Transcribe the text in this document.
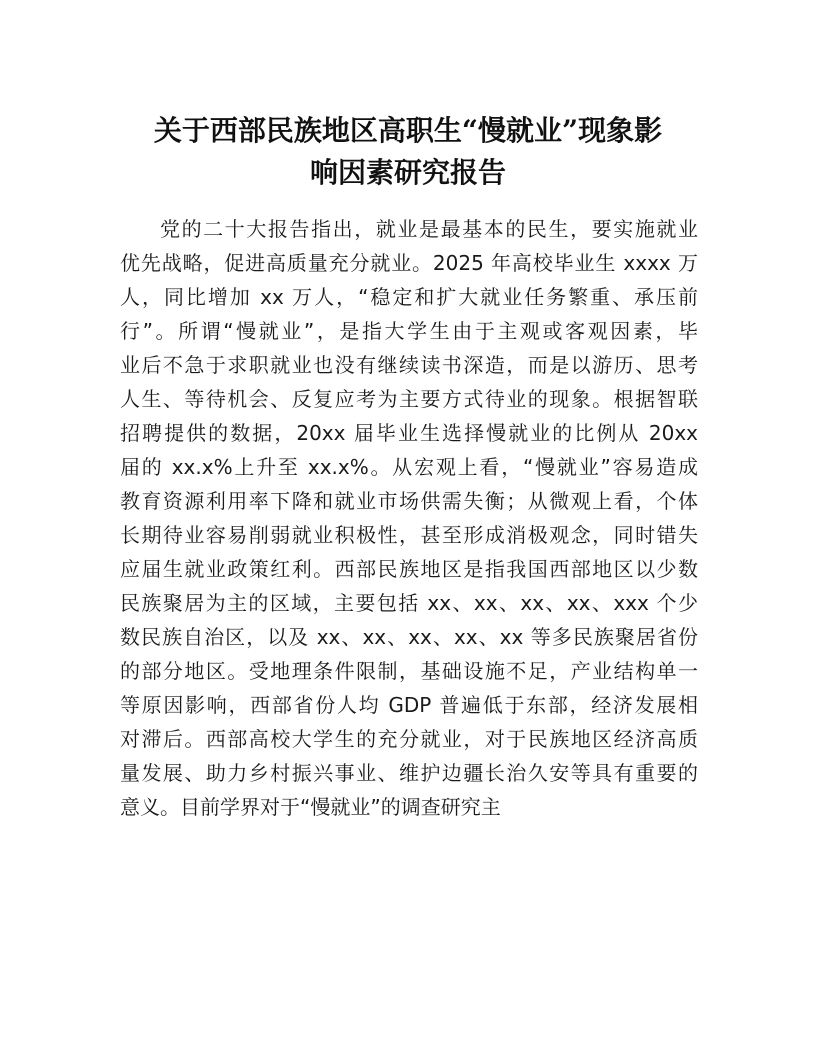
关于西部民族地区高职生“慢就业”现象影
响因素研究报告
党的二十大报告指出，就业是最基本的民生，要实施就业
优先战略，促进高质量充分就业。2025 年高校毕业生 xxxx 万
人，同比增加 xx 万人，“稳定和扩大就业任务繁重、承压前
行”。所谓“慢就业”，是指大学生由于主观或客观因素，毕
业后不急于求职就业也没有继续读书深造，而是以游历、思考
人生、等待机会、反复应考为主要方式待业的现象。根据智联
招聘提供的数据，20xx 届毕业生选择慢就业的比例从 20xx
届的 xx.x%上升至 xx.x%。从宏观上看，“慢就业”容易造成
教育资源利用率下降和就业市场供需失衡；从微观上看，个体
长期待业容易削弱就业积极性，甚至形成消极观念，同时错失
应届生就业政策红利。西部民族地区是指我国西部地区以少数
民族聚居为主的区域，主要包括 xx、xx、xx、xx、xxx 个少
数民族自治区，以及 xx、xx、xx、xx、xx 等多民族聚居省份
的部分地区。受地理条件限制，基础设施不足，产业结构单一
等原因影响，西部省份人均 GDP 普遍低于东部，经济发展相
对滞后。西部高校大学生的充分就业，对于民族地区经济高质
量发展、助力乡村振兴事业、维护边疆长治久安等具有重要的
意义。目前学界对于“慢就业”的调查研究主
